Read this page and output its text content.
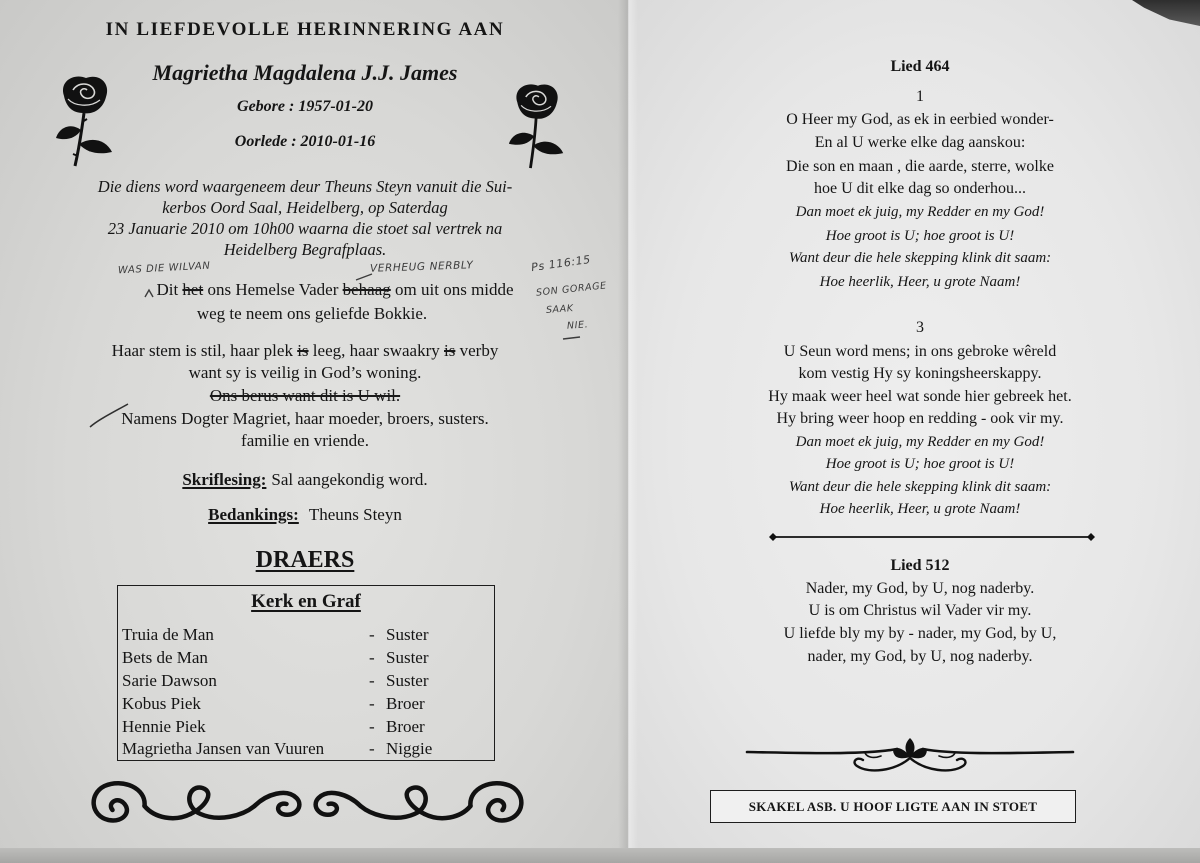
IN LIEFDEVOLLE HERINNERING AAN
Magrietha Magdalena J.J. James
Gebore : 1957-01-20
Oorlede : 2010-01-16
Die diens word waargeneem deur Theuns Steyn vanuit die Sui-
kerbos Oord Saal, Heidelberg, op Saterdag
23 Januarie 2010 om 10h00 waarna die stoet sal vertrek na
Heidelberg Begrafplaas.
WAS DIE WILVAN	VERHEUG NERBLY	Ps 116:15
SON GORAGE
SAAK
NIE.
Dit het ons Hemelse Vader behaag om uit ons midde
weg te neem ons geliefde Bokkie.
Haar stem is stil, haar plek is leeg, haar swaakry is verby
want sy is veilig in God’s woning.
Ons berus want dit is U wil.
Namens Dogter Magriet, haar moeder, broers, susters.
familie en vriende.
Skriflesing: Sal aangekondig word.
Bedankings: Theuns Steyn
DRAERS
Kerk en Graf
Truia de Man	- Suster
Bets de Man	- Suster
Sarie Dawson	- Suster
Kobus Piek	- Broer
Hennie Piek	- Broer
Magrietha Jansen van Vuuren	- Niggie
Lied 464
1
O Heer my God, as ek in eerbied wonder-
En al U werke elke dag aanskou:
Die son en maan , die aarde, sterre, wolke
hoe U dit elke dag so onderhou...
Dan moet ek juig, my Redder en my God!
Hoe groot is U; hoe groot is U!
Want deur die hele skepping klink dit saam:
Hoe heerlik, Heer, u grote Naam!
3
U Seun word mens; in ons gebroke wêreld
kom vestig Hy sy koningsheerskappy.
Hy maak weer heel wat sonde hier gebreek het.
Hy bring weer hoop en redding - ook vir my.
Dan moet ek juig, my Redder en my God!
Hoe groot is U; hoe groot is U!
Want deur die hele skepping klink dit saam:
Hoe heerlik, Heer, u grote Naam!
Lied 512
Nader, my God, by U, nog naderby.
U is om Christus wil Vader vir my.
U liefde bly my by - nader, my God, by U,
nader, my God, by U, nog naderby.
SKAKEL ASB. U HOOF LIGTE AAN IN STOET
